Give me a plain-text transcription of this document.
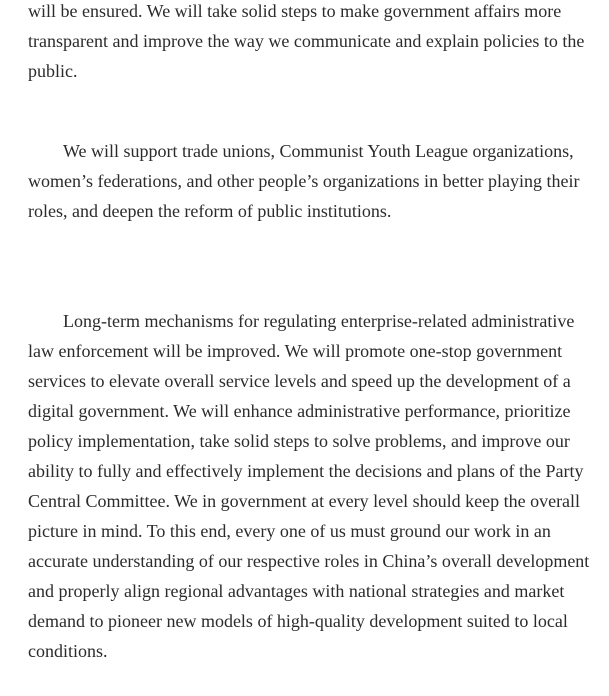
will be ensured. We will take solid steps to make government affairs more transparent and improve the way we communicate and explain policies to the public.

We will support trade unions, Communist Youth League organizations, women’s federations, and other people’s organizations in better playing their roles, and deepen the reform of public institutions.

Long-term mechanisms for regulating enterprise-related administrative law enforcement will be improved. We will promote one-stop government services to elevate overall service levels and speed up the development of a digital government. We will enhance administrative performance, prioritize policy implementation, take solid steps to solve problems, and improve our ability to fully and effectively implement the decisions and plans of the Party Central Committee. We in government at every level should keep the overall picture in mind. To this end, every one of us must ground our work in an accurate understanding of our respective roles in China’s overall development and properly align regional advantages with national strategies and market demand to pioneer new models of high-quality development suited to local conditions.
